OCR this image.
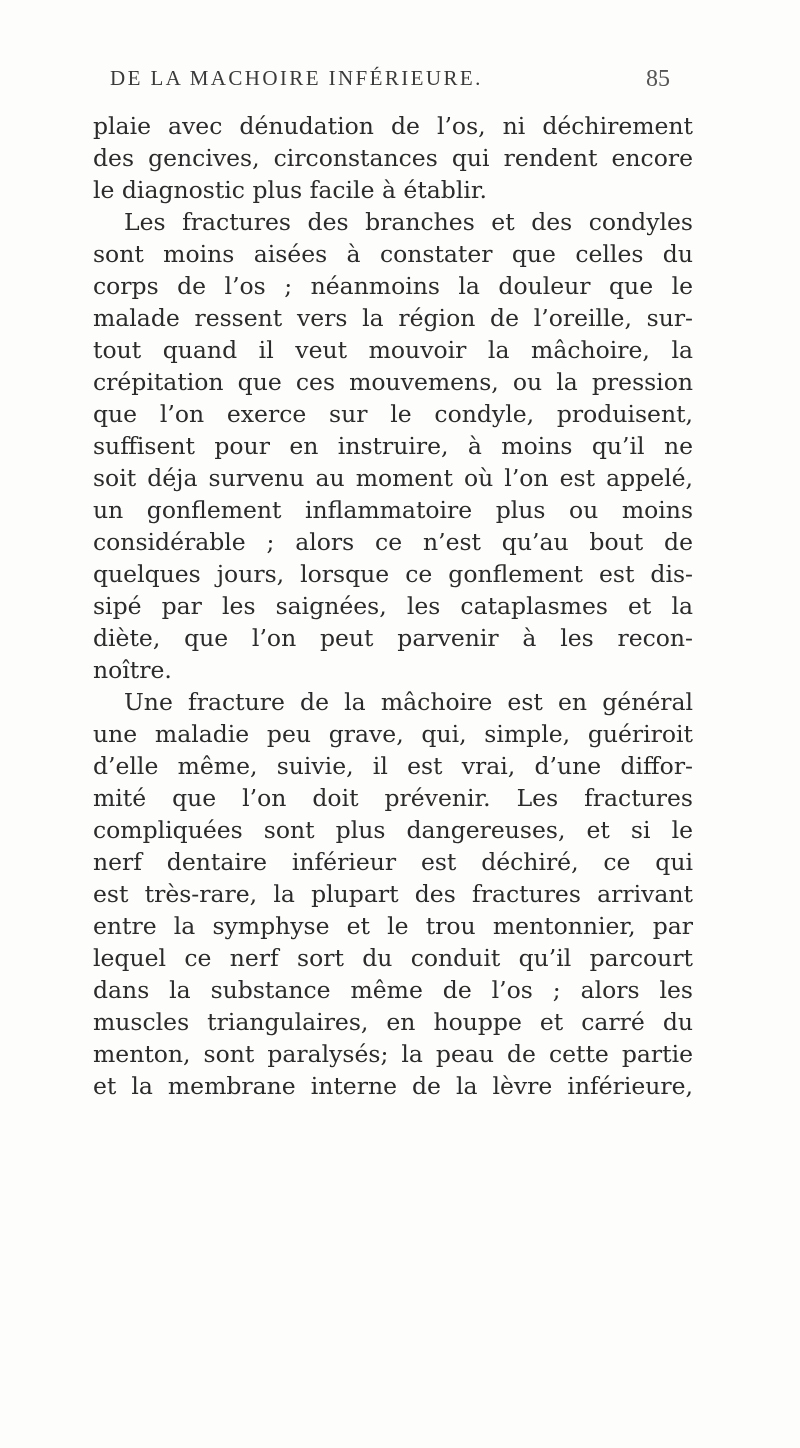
DE LA MACHOIRE INFÉRIEURE.	85
plaie avec dénudation de l’os, ni déchirement
des gencives, circonstances qui rendent encore
le diagnostic plus facile à établir.
Les fractures des branches et des condyles
sont moins aisées à constater que celles du
corps de l’os ; néanmoins la douleur que le
malade ressent vers la région de l’oreille, sur-
tout quand il veut mouvoir la mâchoire, la
crépitation que ces mouvemens, ou la pression
que l’on exerce sur le condyle, produisent,
suffisent pour en instruire, à moins qu’il ne
soit déja survenu au moment où l’on est appelé,
un gonflement inflammatoire plus ou moins
considérable ; alors ce n’est qu’au bout de
quelques jours, lorsque ce gonflement est dis-
sipé par les saignées, les cataplasmes et la
diète, que l’on peut parvenir à les recon-
noître.
Une fracture de la mâchoire est en général
une maladie peu grave, qui, simple, guériroit
d’elle même, suivie, il est vrai, d’une diffor-
mité que l’on doit prévenir. Les fractures
compliquées sont plus dangereuses, et si le
nerf dentaire inférieur est déchiré, ce qui
est très-rare, la plupart des fractures arrivant
entre la symphyse et le trou mentonnier, par
lequel ce nerf sort du conduit qu’il parcourt
dans la substance même de l’os ; alors les
muscles triangulaires, en houppe et carré du
menton, sont paralysés; la peau de cette partie
et la membrane interne de la lèvre inférieure,
